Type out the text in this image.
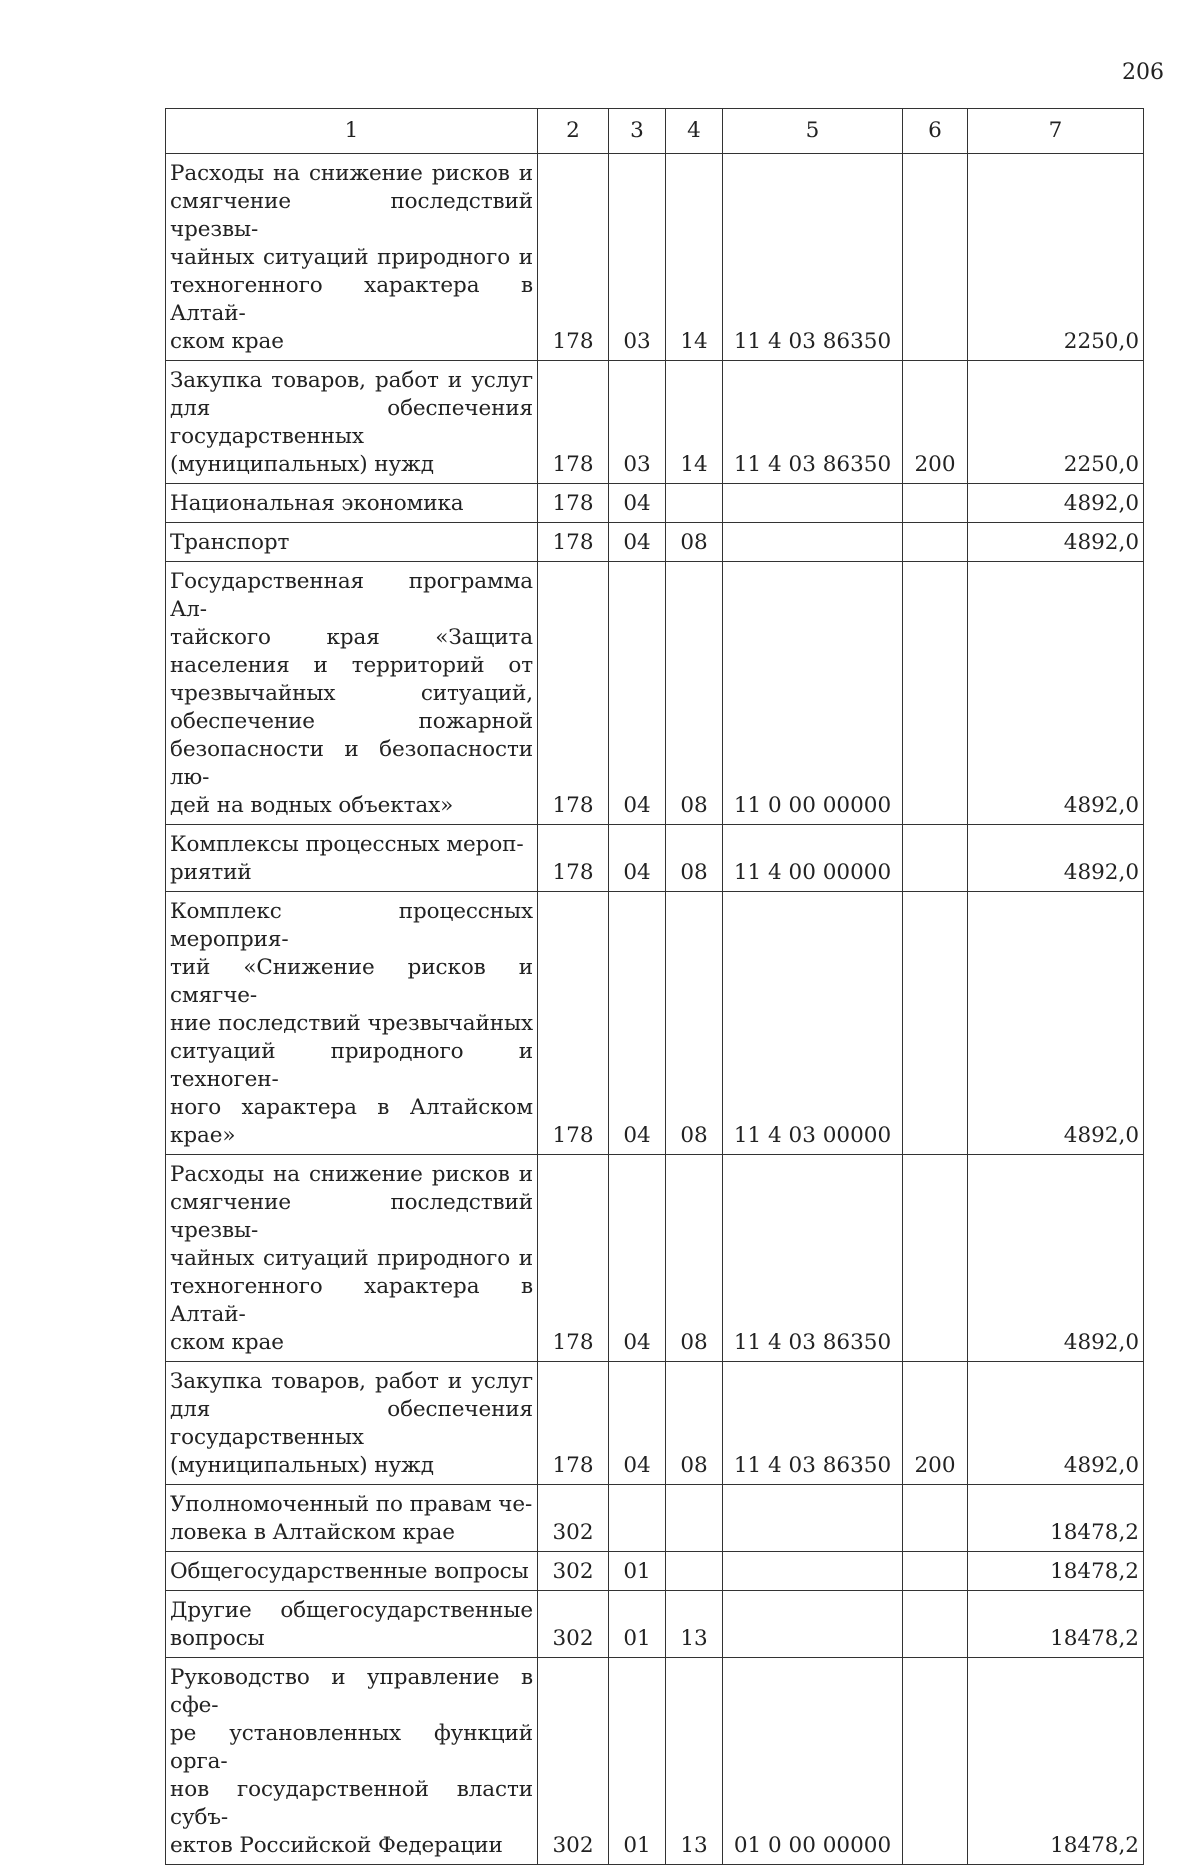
206
1	2	3	4	5	6	7
Расходы на снижение рисков и смягчение последствий чрезвы-
чайных ситуаций природного и техногенного характера в Алтай-
ском крае	178	03	14	11 4 03 86350		2250,0
Закупка товаров, работ и услуг для обеспечения государственных (муниципальных) нужд	178	03	14	11 4 03 86350	200	2250,0
Национальная экономика	178	04				4892,0
Транспорт	178	04	08			4892,0
Государственная программа Ал-
тайского края «Защита населения и территорий от чрезвычайных ситуаций, обеспечение пожарной безопасности и безопасности лю-
дей на водных объектах»	178	04	08	11 0 00 00000		4892,0
Комплексы процессных мероп-
риятий	178	04	08	11 4 00 00000		4892,0
Комплекс процессных мероприя-
тий «Снижение рисков и смягче-
ние последствий чрезвычайных ситуаций природного и техноген-
ного характера в Алтайском крае»	178	04	08	11 4 03 00000		4892,0
Расходы на снижение рисков и смягчение последствий чрезвы-
чайных ситуаций природного и техногенного характера в Алтай-
ском крае	178	04	08	11 4 03 86350		4892,0
Закупка товаров, работ и услуг для обеспечения государственных (муниципальных) нужд	178	04	08	11 4 03 86350	200	4892,0
Уполномоченный по правам че-
ловека в Алтайском крае	302					18478,2
Общегосударственные вопросы	302	01				18478,2
Другие общегосударственные вопросы	302	01	13			18478,2
Руководство и управление в сфе-
ре установленных функций орга-
нов государственной власти субъ-
ектов Российской Федерации	302	01	13	01 0 00 00000		18478,2
